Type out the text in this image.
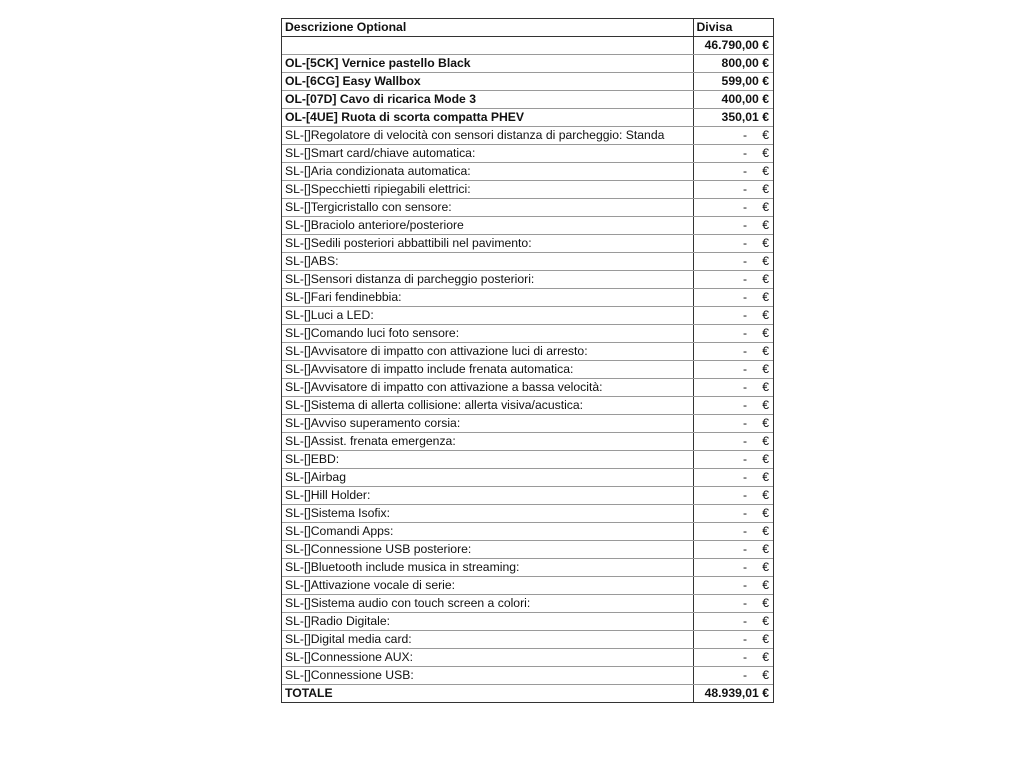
Descrizione Optional	Divisa
	46.790,00 €
OL-[5CK] Vernice pastello Black	800,00 €
OL-[6CG] Easy Wallbox	599,00 €
OL-[07D] Cavo di ricarica Mode 3	400,00 €
OL-[4UE] Ruota di scorta compatta PHEV	350,01 €
SL-[]Regolatore di velocità con sensori distanza di parcheggio: Standa	- €
SL-[]Smart card/chiave automatica:	- €
SL-[]Aria condizionata automatica:	- €
SL-[]Specchietti ripiegabili elettrici:	- €
SL-[]Tergicristallo con sensore:	- €
SL-[]Braciolo anteriore/posteriore	- €
SL-[]Sedili posteriori abbattibili nel pavimento:	- €
SL-[]ABS:	- €
SL-[]Sensori distanza di parcheggio posteriori:	- €
SL-[]Fari fendinebbia:	- €
SL-[]Luci a LED:	- €
SL-[]Comando luci foto sensore:	- €
SL-[]Avvisatore di impatto con attivazione luci di arresto:	- €
SL-[]Avvisatore di impatto include frenata automatica:	- €
SL-[]Avvisatore di impatto con attivazione a bassa velocità:	- €
SL-[]Sistema di allerta collisione: allerta visiva/acustica:	- €
SL-[]Avviso superamento corsia:	- €
SL-[]Assist. frenata emergenza:	- €
SL-[]EBD:	- €
SL-[]Airbag	- €
SL-[]Hill Holder:	- €
SL-[]Sistema Isofix:	- €
SL-[]Comandi Apps:	- €
SL-[]Connessione USB posteriore:	- €
SL-[]Bluetooth include musica in streaming:	- €
SL-[]Attivazione vocale di serie:	- €
SL-[]Sistema audio con touch screen a colori:	- €
SL-[]Radio Digitale:	- €
SL-[]Digital media card:	- €
SL-[]Connessione AUX:	- €
SL-[]Connessione USB:	- €
TOTALE	48.939,01 €
